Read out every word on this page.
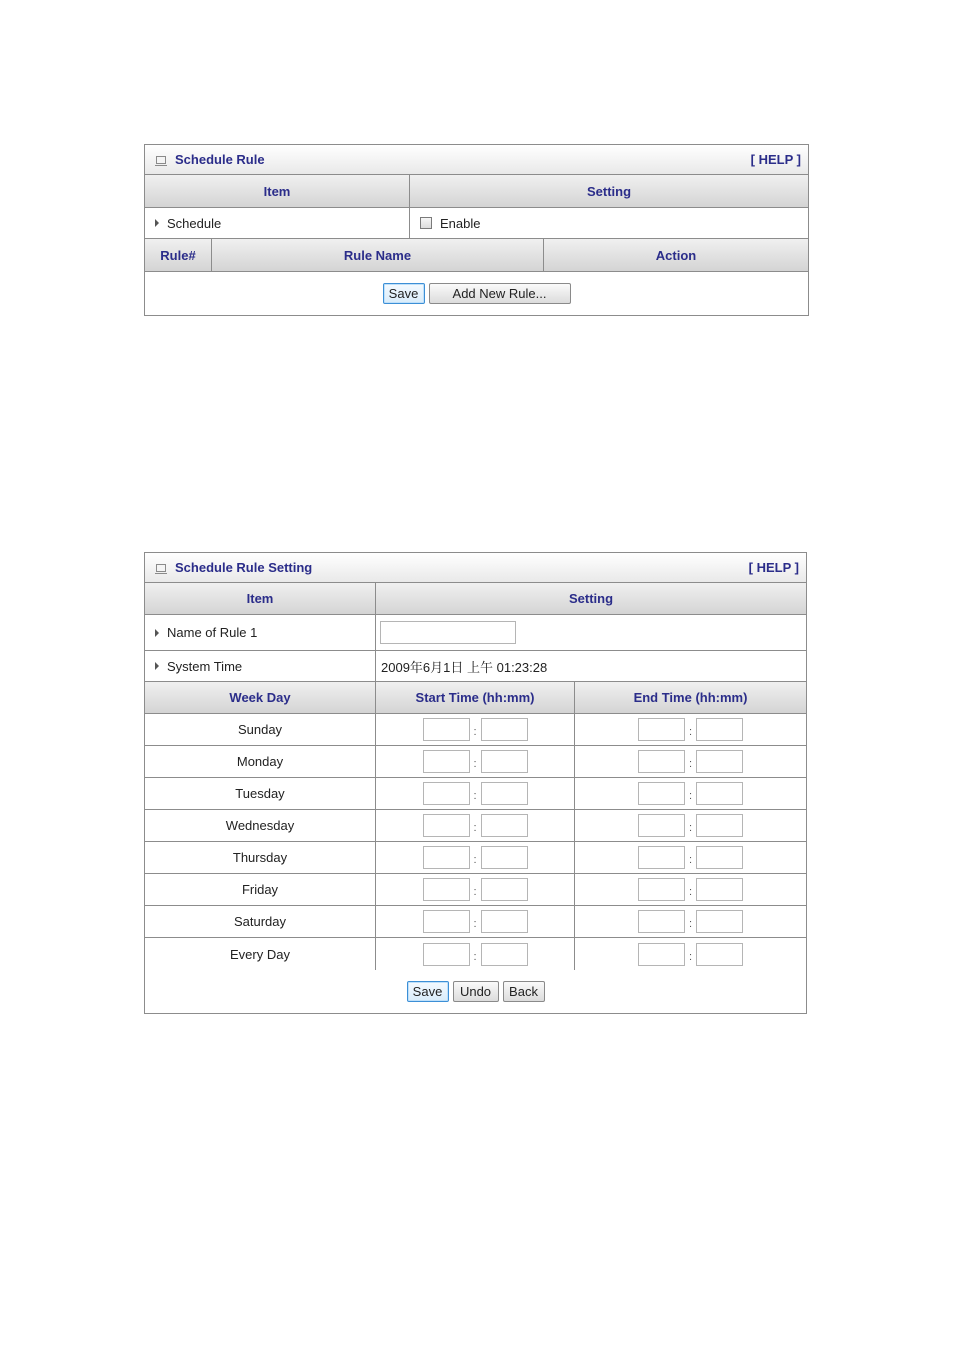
Schedule Rule	[ HELP ]
Item	Setting
Schedule	Enable
Rule#	Rule Name	Action
Save	Add New Rule...
Schedule Rule Setting	[ HELP ]
Item	Setting
Name of Rule 1
System Time	2009年6月1日 上午 01:23:28
Week Day	Start Time (hh:mm)	End Time (hh:mm)
Sunday	:	:
Monday	:	:
Tuesday	:	:
Wednesday	:	:
Thursday	:	:
Friday	:	:
Saturday	:	:
Every Day	:	:
Save	Undo	Back
